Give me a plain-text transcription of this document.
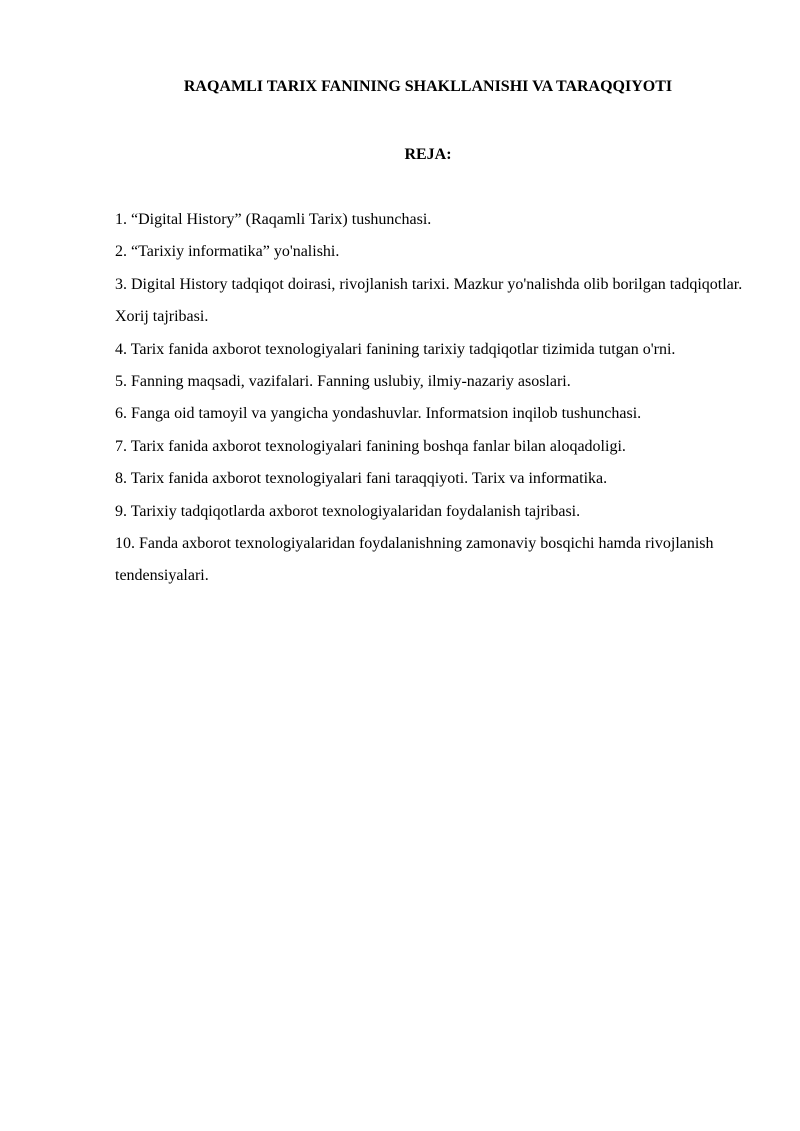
RAQAMLI TARIX FANINING SHAKLLANISHI VA TARAQQIYOTI
REJA:
1. “Digital History” (Raqamli Tarix) tushunchasi.
2. “Tarixiy informatika” yo'nalishi.
3. Digital History tadqiqot doirasi, rivojlanish tarixi. Mazkur yo'nalishda olib borilgan tadqiqotlar. Xorij tajribasi.
4. Tarix fanida axborot texnologiyalari fanining tarixiy tadqiqotlar tizimida tutgan o'rni.
5. Fanning maqsadi, vazifalari. Fanning uslubiy, ilmiy-nazariy asoslari.
6. Fanga oid tamoyil va yangicha yondashuvlar. Informatsion inqilob tushunchasi.
7. Tarix fanida axborot texnologiyalari fanining boshqa fanlar bilan aloqadoligi.
8. Tarix fanida axborot texnologiyalari fani taraqqiyoti. Tarix va informatika.
9. Tarixiy tadqiqotlarda axborot texnologiyalaridan foydalanish tajribasi.
10. Fanda axborot texnologiyalaridan foydalanishning zamonaviy bosqichi hamda rivojlanish tendensiyalari.
